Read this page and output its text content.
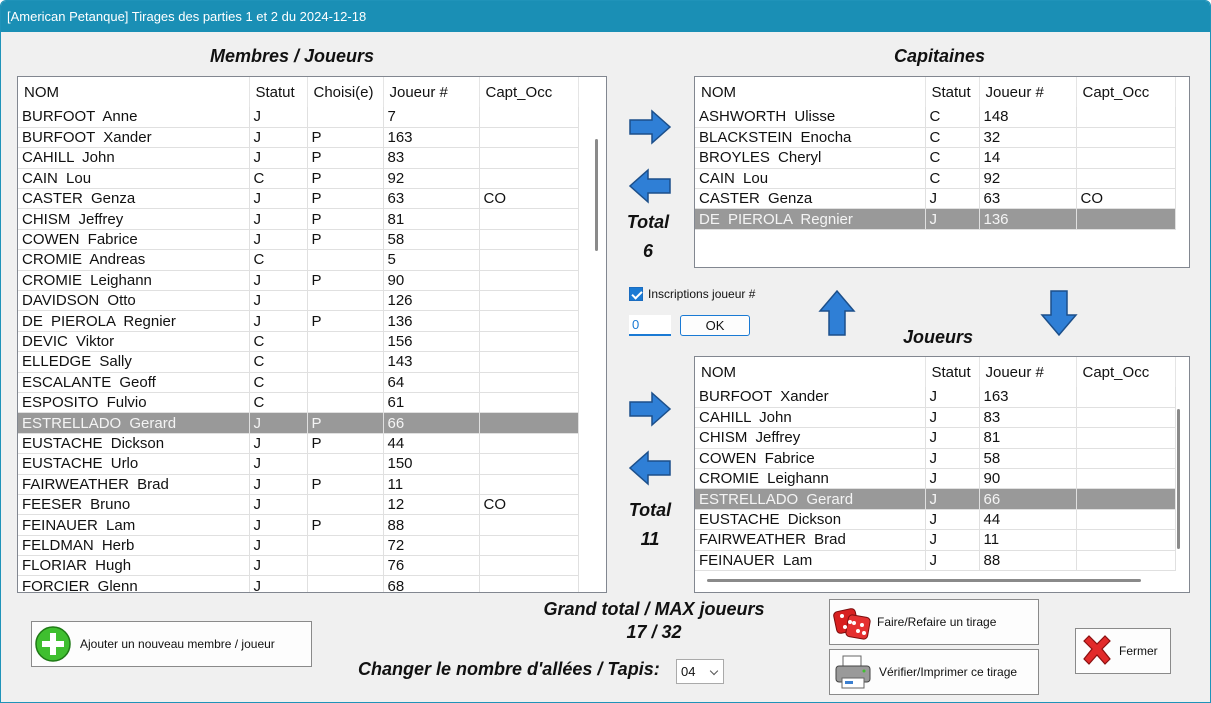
[American Petanque] Tirages des parties 1 et 2 du 2024-12-18
Membres / Joueurs
NOM	Statut	Choisi(e)	Joueur #	Capt_Occ
BURFOOT Anne	J		7	
BURFOOT Xander	J	P	163	
CAHILL John	J	P	83	
CAIN Lou	C	P	92	
CASTER Genza	J	P	63	CO
CHISM Jeffrey	J	P	81	
COWEN Fabrice	J	P	58	
CROMIE Andreas	C		5	
CROMIE Leighann	J	P	90	
DAVIDSON Otto	J		126	
DE PIEROLA Regnier	J	P	136	
DEVIC Viktor	C		156	
ELLEDGE Sally	C		143	
ESCALANTE Geoff	C		64	
ESPOSITO Fulvio	C		61	
ESTRELLADO Gerard	J	P	66	
EUSTACHE Dickson	J	P	44	
EUSTACHE Urlo	J		150	
FAIRWEATHER Brad	J	P	11	
FEESER Bruno	J		12	CO
FEINAUER Lam	J	P	88	
FELDMAN Herb	J		72	
FLORIAR Hugh	J		76	
FORCIER Glenn	J		68	
Capitaines
NOM	Statut	Joueur #	Capt_Occ
ASHWORTH Ulisse	C	148	
BLACKSTEIN Enocha	C	32	
BROYLES Cheryl	C	14	
CAIN Lou	C	92	
CASTER Genza	J	63	CO
DE PIEROLA Regnier	J	136	
Total
6
Inscriptions joueur #
0
OK
Joueurs
NOM	Statut	Joueur #	Capt_Occ
BURFOOT Xander	J	163	
CAHILL John	J	83	
CHISM Jeffrey	J	81	
COWEN Fabrice	J	58	
CROMIE Leighann	J	90	
ESTRELLADO Gerard	J	66	
EUSTACHE Dickson	J	44	
FAIRWEATHER Brad	J	11	
FEINAUER Lam	J	88	
Total
11
Ajouter un nouveau membre / joueur
Grand total / MAX joueurs
17 / 32
Changer le nombre d'allées / Tapis:	04
Faire/Refaire un tirage
Vérifier/Imprimer ce tirage
Fermer
